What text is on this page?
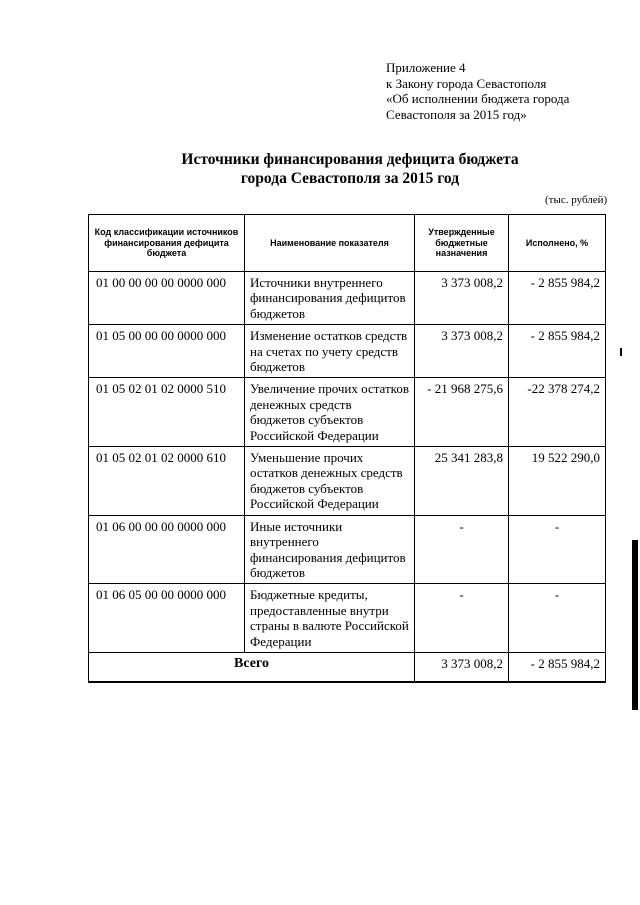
Приложение 4
к Закону города Севастополя
«Об исполнении бюджета города
Севастополя за 2015 год»
Источники финансирования дефицита бюджета
города Севастополя за 2015 год
(тыс. рублей)
Код классификации источников финансирования дефицита бюджета	Наименование показателя	Утвержденные бюджетные назначения	Исполнено, %
01 00 00 00 00 0000 000	Источники внутреннего финансирования дефицитов бюджетов	3 373 008,2	- 2 855 984,2
01 05 00 00 00 0000 000	Изменение остатков средств на счетах по учету средств бюджетов	3 373 008,2	- 2 855 984,2
01 05 02 01 02 0000 510	Увеличение прочих остатков денежных средств бюджетов субъектов Российской Федерации	- 21 968 275,6	-22 378 274,2
01 05 02 01 02 0000 610	Уменьшение прочих остатков денежных средств бюджетов субъектов Российской Федерации	25 341 283,8	19 522 290,0
01 06 00 00 00 0000 000	Иные источники внутреннего финансирования дефицитов бюджетов	-	-
01 06 05 00 00 0000 000	Бюджетные кредиты, предоставленные внутри страны в валюте Российской Федерации	-	-
Всего		3 373 008,2	- 2 855 984,2
